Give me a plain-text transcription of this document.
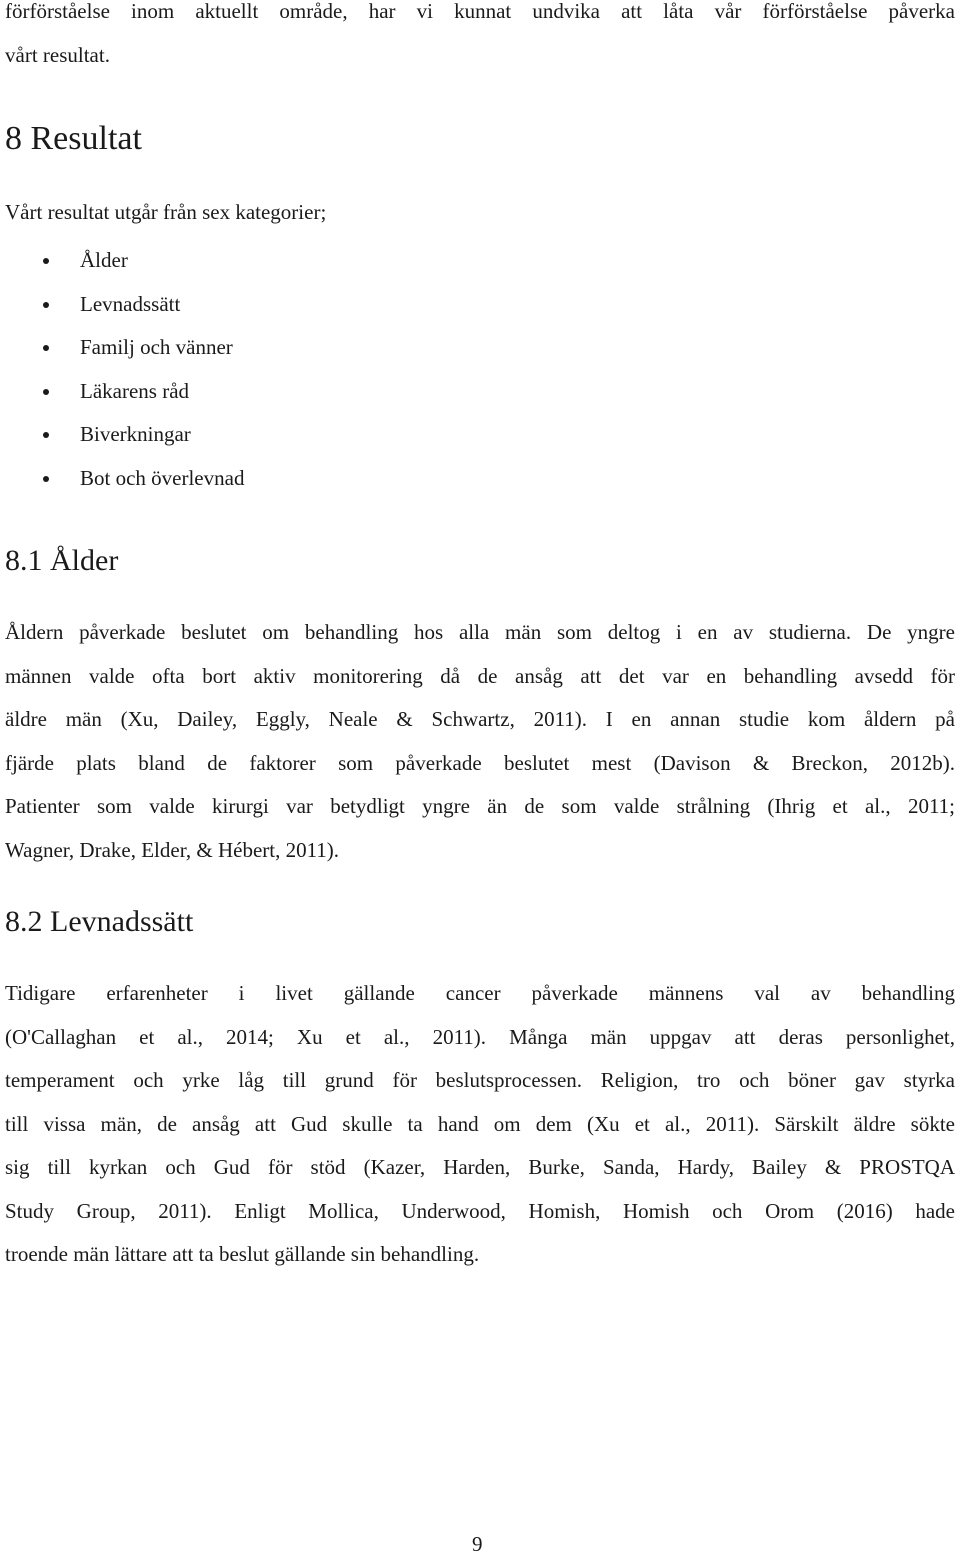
förförståelse inom aktuellt område, har vi kunnat undvika att låta vår förförståelse påverka

vårt resultat.

8 Resultat

Vårt resultat utgår från sex kategorier;

Ålder
Levnadssätt
Familj och vänner
Läkarens råd
Biverkningar
Bot och överlevnad
8.1 Ålder

Åldern påverkade beslutet om behandling hos alla män som deltog i en av studierna. De yngre

männen valde ofta bort aktiv monitorering då de ansåg att det var en behandling avsedd för

äldre män (Xu, Dailey, Eggly, Neale & Schwartz, 2011). I en annan studie kom åldern på

fjärde plats bland de faktorer som påverkade beslutet mest (Davison & Breckon, 2012b).

Patienter som valde kirurgi var betydligt yngre än de som valde strålning (Ihrig et al., 2011;

Wagner, Drake, Elder, & Hébert, 2011).

8.2 Levnadssätt

Tidigare erfarenheter i livet gällande cancer påverkade männens val av behandling

(O'Callaghan et al., 2014; Xu et al., 2011). Många män uppgav att deras personlighet,

temperament och yrke låg till grund för beslutsprocessen. Religion, tro och böner gav styrka

till vissa män, de ansåg att Gud skulle ta hand om dem (Xu et al., 2011). Särskilt äldre sökte

sig till kyrkan och Gud för stöd (Kazer, Harden, Burke, Sanda, Hardy, Bailey & PROSTQA

Study Group, 2011). Enligt Mollica, Underwood, Homish, Homish och Orom (2016) hade

troende män lättare att ta beslut gällande sin behandling.

9
